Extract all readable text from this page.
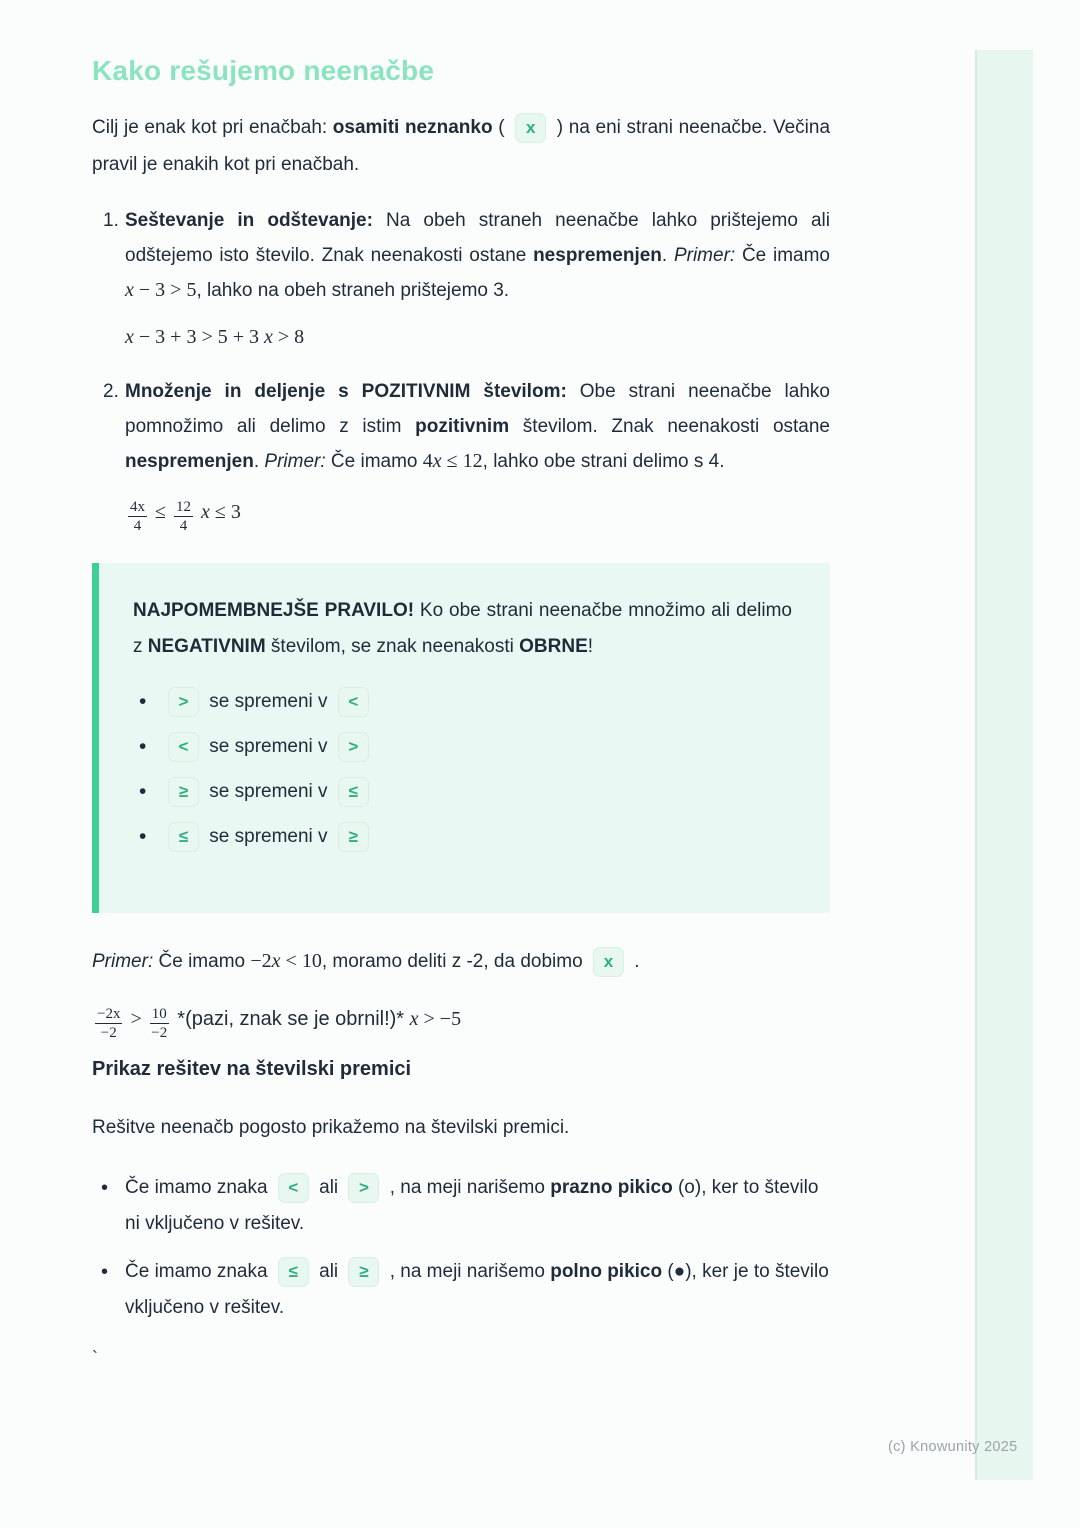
Kako rešujemo neenačbe

Cilj je enak kot pri enačbah: osamiti neznanko ( x ) na eni strani neenačbe. Večina pravil je enakih kot pri enačbah.

1. Seštevanje in odštevanje: Na obeh straneh neenačbe lahko prištejemo ali odštejemo isto število. Znak neenakosti ostane nespremenjen. Primer: Če imamo x − 3 > 5, lahko na obeh straneh prištejemo 3.
x − 3 + 3 > 5 + 3 x > 8
2. Množenje in deljenje s POZITIVNIM številom: Obe strani neenačbe lahko pomnožimo ali delimo z istim pozitivnim številom. Znak neenakosti ostane nespremenjen. Primer: Če imamo 4x ≤ 12, lahko obe strani delimo s 4.
$\frac{4x}{4} \le \frac{12}{4}$ x ≤ 3

NAJPOMEMBNEJŠE PRAVILO! Ko obe strani neenačbe množimo ali delimo z NEGATIVNIM številom, se znak neenakosti OBRNE!

• > se spremeni v <
• < se spremeni v >
• ≥ se spremeni v ≤
• ≤ se spremeni v ≥

Primer: Če imamo −2x < 10, moramo deliti z -2, da dobimo x .

$\frac{-2x}{-2} > \frac{10}{-2}$ *(pazi, znak se je obrnil!)* x > −5
Prikaz rešitev na številski premici

Rešitve neenačb pogosto prikažemo na številski premici.

• Če imamo znaka < ali > , na meji narišemo prazno pikico (o), ker to število ni vključeno v rešitev.
• Če imamo znaka ≤ ali ≥ , na meji narišemo polno pikico (●), ker je to število vključeno v rešitev.
`
(c) Knowunity 2025
